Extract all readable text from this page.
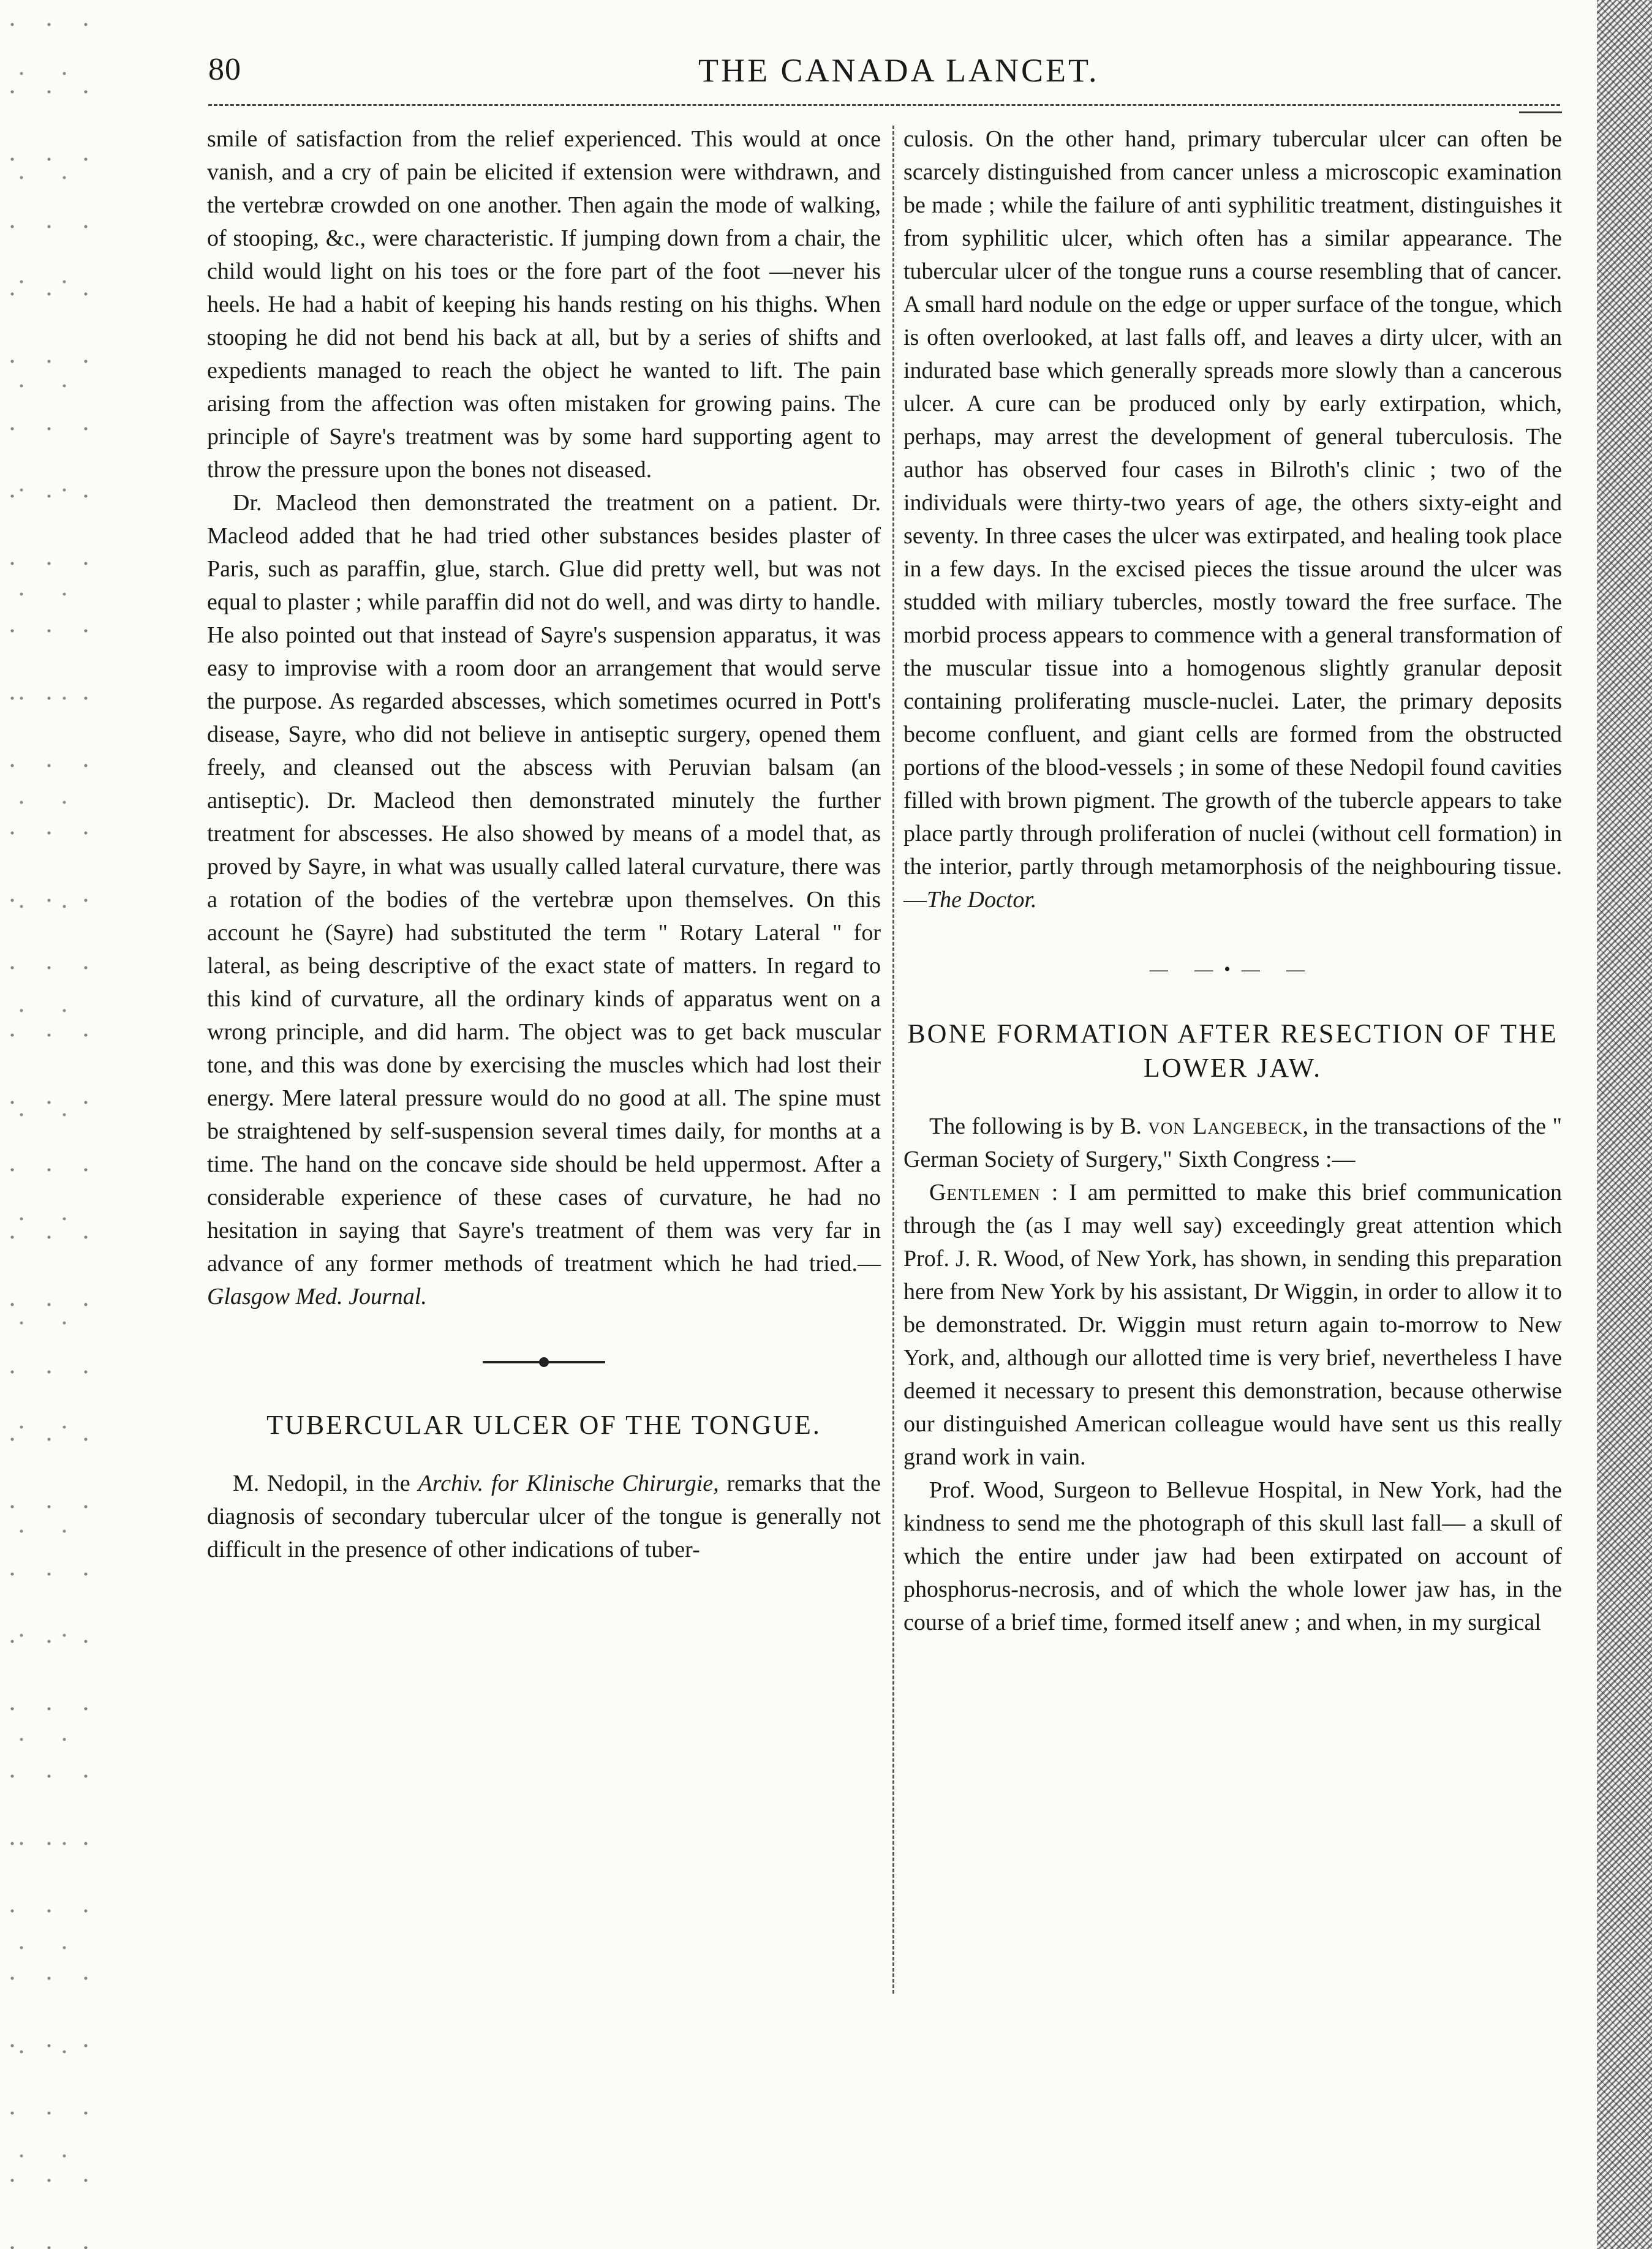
80	THE CANADA LANCET.

smile of satisfaction from the relief experienced. This would at once vanish, and a cry of pain be elicited if extension were withdrawn, and the vertebræ crowded on one another. Then again the mode of walking, of stooping, &c., were characteristic. If jumping down from a chair, the child would light on his toes or the fore part of the foot —never his heels. He had a habit of keeping his hands resting on his thighs. When stooping he did not bend his back at all, but by a series of shifts and expedients managed to reach the object he wanted to lift. The pain arising from the affection was often mistaken for growing pains. The principle of Sayre's treatment was by some hard supporting agent to throw the pressure upon the bones not diseased.

Dr. Macleod then demonstrated the treatment on a patient. Dr. Macleod added that he had tried other substances besides plaster of Paris, such as paraffin, glue, starch. Glue did pretty well, but was not equal to plaster ; while paraffin did not do well, and was dirty to handle. He also pointed out that instead of Sayre's suspension apparatus, it was easy to improvise with a room door an arrangement that would serve the purpose. As regarded abscesses, which sometimes ocurred in Pott's disease, Sayre, who did not believe in antiseptic surgery, opened them freely, and cleansed out the abscess with Peruvian balsam (an antiseptic). Dr. Macleod then demonstrated minutely the further treatment for abscesses. He also showed by means of a model that, as proved by Sayre, in what was usually called lateral curvature, there was a rotation of the bodies of the vertebræ upon themselves. On this account he (Sayre) had substituted the term " Rotary Lateral " for lateral, as being descriptive of the exact state of matters. In regard to this kind of curvature, all the ordinary kinds of apparatus went on a wrong principle, and did harm. The object was to get back muscular tone, and this was done by exercising the muscles which had lost their energy. Mere lateral pressure would do no good at all. The spine must be straightened by self-suspension several times daily, for months at a time. The hand on the concave side should be held uppermost. After a considerable experience of these cases of curvature, he had no hesitation in saying that Sayre's treatment of them was very far in advance of any former methods of treatment which he had tried.—Glasgow Med. Journal.

TUBERCULAR ULCER OF THE TONGUE.

M. Nedopil, in the Archiv. for Klinische Chirurgie, remarks that the diagnosis of secondary tubercular ulcer of the tongue is generally not difficult in the presence of other indications of tuber-

culosis. On the other hand, primary tubercular ulcer can often be scarcely distinguished from cancer unless a microscopic examination be made ; while the failure of anti syphilitic treatment, distinguishes it from syphilitic ulcer, which often has a similar appearance. The tubercular ulcer of the tongue runs a course resembling that of cancer. A small hard nodule on the edge or upper surface of the tongue, which is often overlooked, at last falls off, and leaves a dirty ulcer, with an indurated base which generally spreads more slowly than a cancerous ulcer. A cure can be produced only by early extirpation, which, perhaps, may arrest the development of general tuberculosis. The author has observed four cases in Bilroth's clinic ; two of the individuals were thirty-two years of age, the others sixty-eight and seventy. In three cases the ulcer was extirpated, and healing took place in a few days. In the excised pieces the tissue around the ulcer was studded with miliary tubercles, mostly toward the free surface. The morbid process appears to commence with a general transformation of the muscular tissue into a homogenous slightly granular deposit containing proliferating muscle-nuclei. Later, the primary deposits become confluent, and giant cells are formed from the obstructed portions of the blood-vessels ; in some of these Nedopil found cavities filled with brown pigment. The growth of the tubercle appears to take place partly through proliferation of nuclei (without cell formation) in the interior, partly through metamorphosis of the neighbouring tissue.—The Doctor.

— —•— —
BONE FORMATION AFTER RESECTION OF THE LOWER JAW.

The following is by B. von Langebeck, in the transactions of the " German Society of Surgery," Sixth Congress :—

Gentlemen : I am permitted to make this brief communication through the (as I may well say) exceedingly great attention which Prof. J. R. Wood, of New York, has shown, in sending this preparation here from New York by his assistant, Dr Wiggin, in order to allow it to be demonstrated. Dr. Wiggin must return again to-morrow to New York, and, although our allotted time is very brief, nevertheless I have deemed it necessary to present this demonstration, because otherwise our distinguished American colleague would have sent us this really grand work in vain.

Prof. Wood, Surgeon to Bellevue Hospital, in New York, had the kindness to send me the photograph of this skull last fall— a skull of which the entire under jaw had been extirpated on account of phosphorus-necrosis, and of which the whole lower jaw has, in the course of a brief time, formed itself anew ; and when, in my surgical
